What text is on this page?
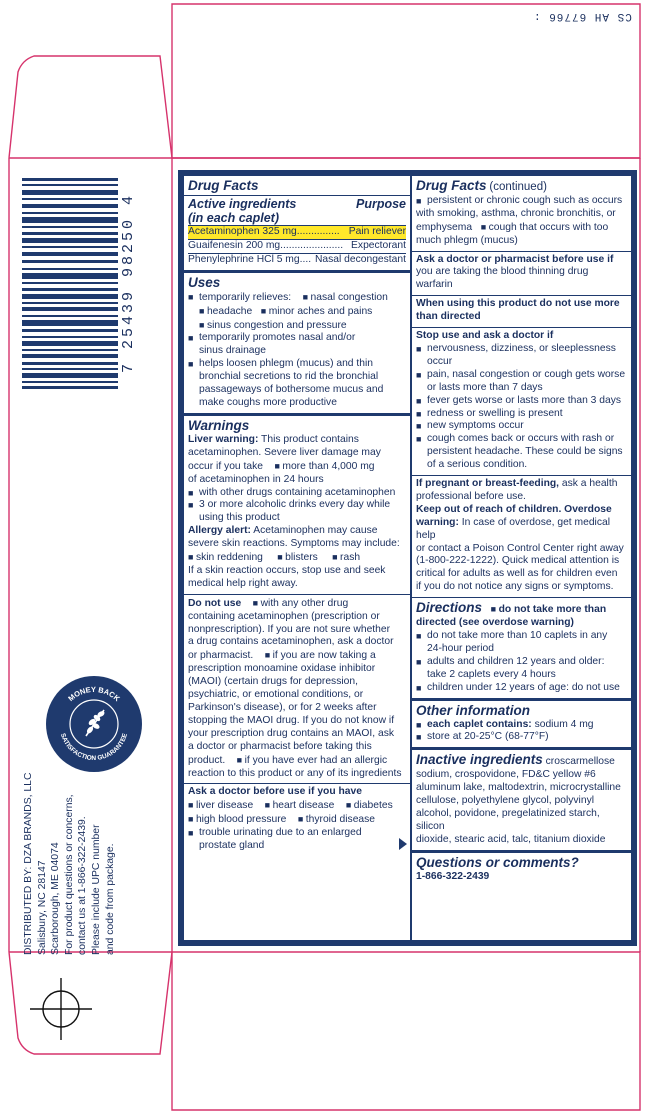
CS AH 67766 :
7 25439 98250 4
MONEY BACK
SATISFACTION GUARANTEE
DISTRIBUTED BY: DZA BRANDS, LLC Salisbury, NC 28147 Scarborough, ME 04074 For product questions or concerns, contact us at 1-866-322-2439. Please include UPC number and code from package.
Drug Facts
Active ingredients	Purpose
(in each caplet)
Acetaminophen 325 mg............... Pain reliever
Guaifenesin 200 mg...................... Expectorant
Phenylephrine HCl 5 mg.... Nasal decongestant
Uses
■ temporarily relieves: ■ nasal congestion
■ headache ■ minor aches and pains
■ sinus congestion and pressure
■ temporarily promotes nasal and/or
sinus drainage
■ helps loosen phlegm (mucus) and thin
bronchial secretions to rid the bronchial
passageways of bothersome mucus and
make coughs more productive
Warnings
Liver warning: This product contains
acetaminophen. Severe liver damage may
occur if you take ■ more than 4,000 mg
of acetaminophen in 24 hours
■ with other drugs containing acetaminophen
■ 3 or more alcoholic drinks every day while
using this product
Allergy alert: Acetaminophen may cause
severe skin reactions. Symptoms may include:
■ skin reddening ■ blisters ■ rash
If a skin reaction occurs, stop use and seek
medical help right away.
Do not use ■ with any other drug
containing acetaminophen (prescription or
nonprescription). If you are not sure whether
a drug contains acetaminophen, ask a doctor
or pharmacist. ■ if you are now taking a
prescription monoamine oxidase inhibitor
(MAOI) (certain drugs for depression,
psychiatric, or emotional conditions, or
Parkinson's disease), or for 2 weeks after
stopping the MAOI drug. If you do not know if
your prescription drug contains an MAOI, ask
a doctor or pharmacist before taking this
product. ■ if you have ever had an allergic
reaction to this product or any of its ingredients
Ask a doctor before use if you have
■ liver disease ■ heart disease ■ diabetes
■ high blood pressure ■ thyroid disease
■ trouble urinating due to an enlarged
prostate gland
Drug Facts (continued)
■ persistent or chronic cough such as occurs
with smoking, asthma, chronic bronchitis, or
emphysema ■ cough that occurs with too
much phlegm (mucus)
Ask a doctor or pharmacist before use if
you are taking the blood thinning drug warfarin
When using this product do not use more
than directed
Stop use and ask a doctor if
■ nervousness, dizziness, or sleeplessness
occur
■ pain, nasal congestion or cough gets worse
or lasts more than 7 days
■ fever gets worse or lasts more than 3 days
■ redness or swelling is present
■ new symptoms occur
■ cough comes back or occurs with rash or
persistent headache. These could be signs
of a serious condition.
If pregnant or breast-feeding, ask a health
professional before use.
Keep out of reach of children. Overdose
warning: In case of overdose, get medical help
or contact a Poison Control Center right away
(1-800-222-1222). Quick medical attention is
critical for adults as well as for children even
if you do not notice any signs or symptoms.
Directions ■ do not take more than
directed (see overdose warning)
■ do not take more than 10 caplets in any
24-hour period
■ adults and children 12 years and older:
take 2 caplets every 4 hours
■ children under 12 years of age: do not use
Other information
■ each caplet contains: sodium 4 mg
■ store at 20-25°C (68-77°F)
Inactive ingredients croscarmellose
sodium, crospovidone, FD&C yellow #6
aluminum lake, maltodextrin, microcrystalline
cellulose, polyethylene glycol, polyvinyl
alcohol, povidone, pregelatinized starch, silicon
dioxide, stearic acid, talc, titanium dioxide
Questions or comments?
1-866-322-2439
